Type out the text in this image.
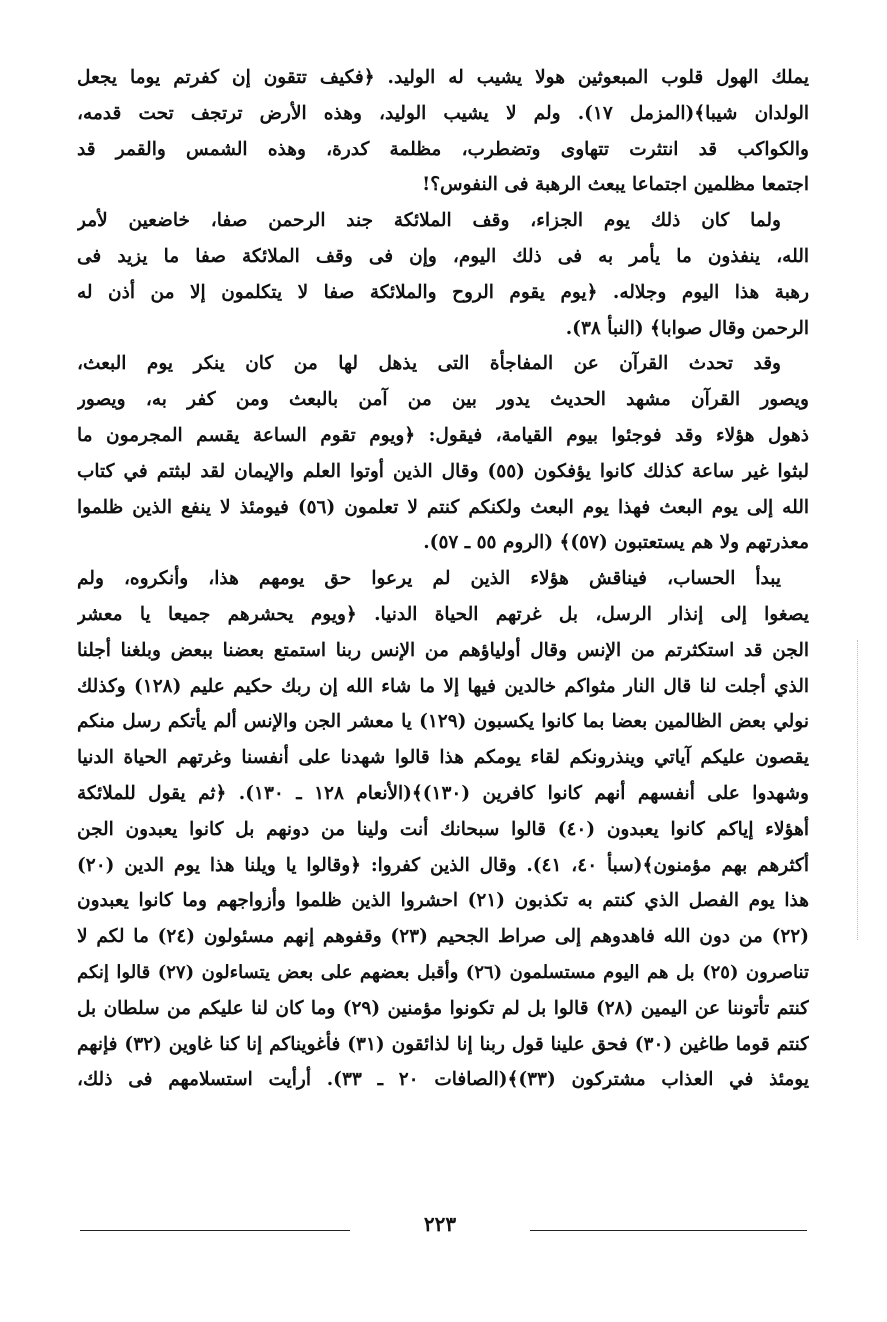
يملك الهول قلوب المبعوثين هولا يشيب له الوليد. ﴿فكيف تتقون إن كفرتم يوما يجعل
الولدان شيبا﴾(المزمل ١٧). ولم لا يشيب الوليد، وهذه الأرض ترتجف تحت قدمه،
والكواكب قد انتثرت تتهاوى وتضطرب، مظلمة كدرة، وهذه الشمس والقمر قد
اجتمعا مظلمين اجتماعا يبعث الرهبة فى النفوس؟!
ولما كان ذلك يوم الجزاء، وقف الملائكة جند الرحمن صفا، خاضعين لأمر
الله، ينفذون ما يأمر به فى ذلك اليوم، وإن فى وقف الملائكة صفا ما يزيد فى
رهبة هذا اليوم وجلاله. ﴿يوم يقوم الروح والملائكة صفا لا يتكلمون إلا من أذن له
الرحمن وقال صوابا﴾ (النبأ ٣٨).
وقد تحدث القرآن عن المفاجأة التى يذهل لها من كان ينكر يوم البعث،
ويصور القرآن مشهد الحديث يدور بين من آمن بالبعث ومن كفر به، ويصور
ذهول هؤلاء وقد فوجئوا بيوم القيامة، فيقول: ﴿ويوم تقوم الساعة يقسم المجرمون ما
لبثوا غير ساعة كذلك كانوا يؤفكون (٥٥) وقال الذين أوتوا العلم والإيمان لقد لبثتم في كتاب
الله إلى يوم البعث فهذا يوم البعث ولكنكم كنتم لا تعلمون (٥٦) فيومئذ لا ينفع الذين ظلموا
معذرتهم ولا هم يستعتبون (٥٧)﴾ (الروم ٥٥ ـ ٥٧).
يبدأ الحساب، فيناقش هؤلاء الذين لم يرعوا حق يومهم هذا، وأنكروه، ولم
يصغوا إلى إنذار الرسل، بل غرتهم الحياة الدنيا. ﴿ويوم يحشرهم جميعا يا معشر
الجن قد استكثرتم من الإنس وقال أولياؤهم من الإنس ربنا استمتع بعضنا ببعض وبلغنا أجلنا
الذي أجلت لنا قال النار مثواكم خالدين فيها إلا ما شاء الله إن ربك حكيم عليم (١٢٨) وكذلك
نولي بعض الظالمين بعضا بما كانوا يكسبون (١٢٩) يا معشر الجن والإنس ألم يأتكم رسل منكم
يقصون عليكم آياتي وينذرونكم لقاء يومكم هذا قالوا شهدنا على أنفسنا وغرتهم الحياة الدنيا
وشهدوا على أنفسهم أنهم كانوا كافرين (١٣٠)﴾(الأنعام ١٢٨ ـ ١٣٠). ﴿ثم يقول للملائكة
أهؤلاء إياكم كانوا يعبدون (٤٠) قالوا سبحانك أنت ولينا من دونهم بل كانوا يعبدون الجن
أكثرهم بهم مؤمنون﴾(سبأ ٤٠، ٤١). وقال الذين كفروا: ﴿وقالوا يا ويلنا هذا يوم الدين (٢٠)
هذا يوم الفصل الذي كنتم به تكذبون (٢١) احشروا الذين ظلموا وأزواجهم وما كانوا يعبدون
(٢٢) من دون الله فاهدوهم إلى صراط الجحيم (٢٣) وقفوهم إنهم مسئولون (٢٤) ما لكم لا
تناصرون (٢٥) بل هم اليوم مستسلمون (٢٦) وأقبل بعضهم على بعض يتساءلون (٢٧) قالوا إنكم
كنتم تأتوننا عن اليمين (٢٨) قالوا بل لم تكونوا مؤمنين (٢٩) وما كان لنا عليكم من سلطان بل
كنتم قوما طاغين (٣٠) فحق علينا قول ربنا إنا لذائقون (٣١) فأغويناكم إنا كنا غاوين (٣٢) فإنهم
يومئذ في العذاب مشتركون (٣٣)﴾(الصافات ٢٠ ـ ٣٣). أرأيت استسلامهم فى ذلك،
٢٢٣
